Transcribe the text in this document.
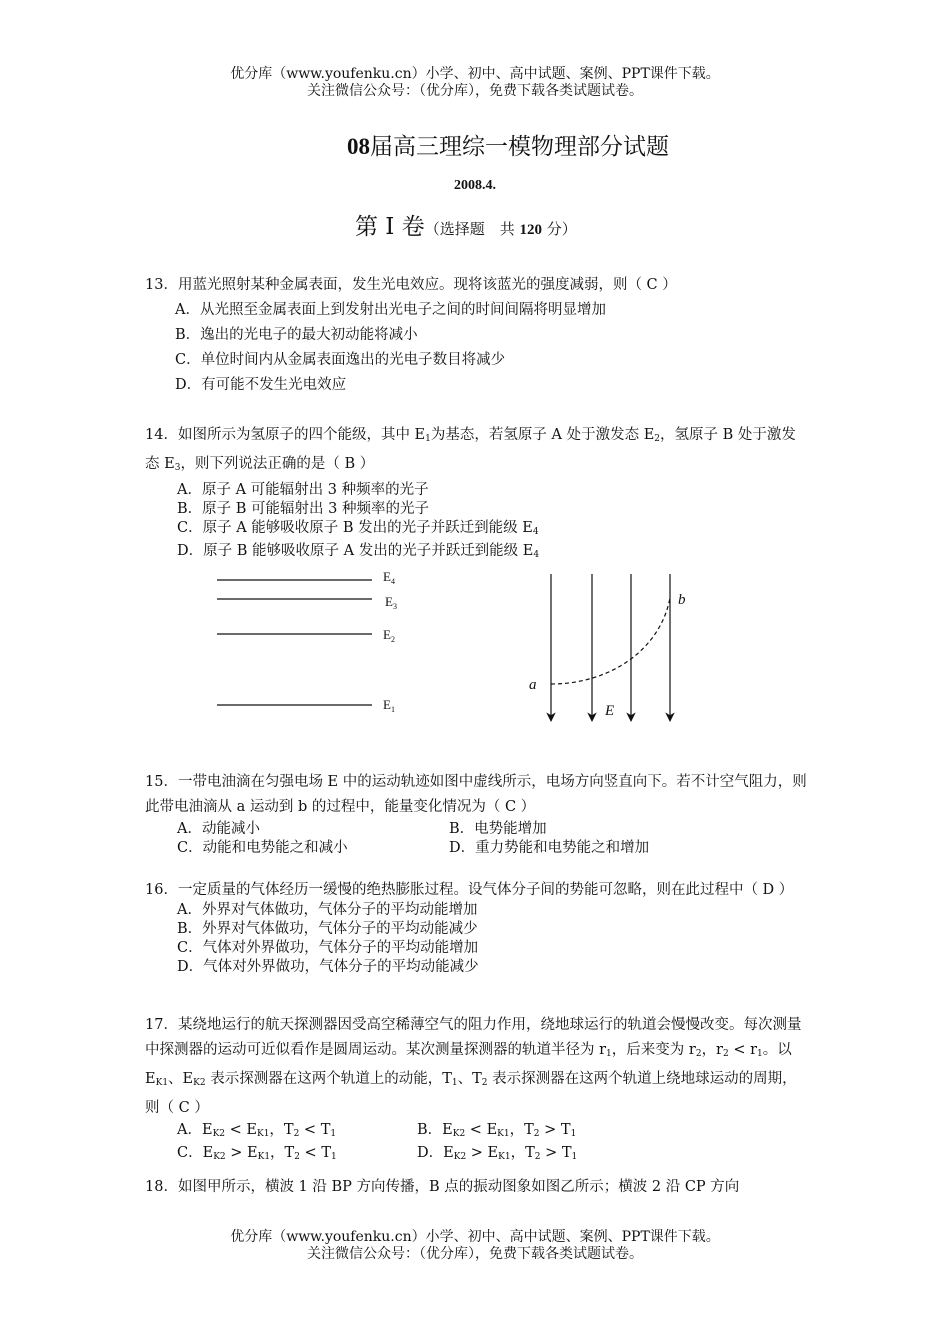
优分库（www.youfenku.cn）小学、初中、高中试题、案例、PPT课件下载。
关注微信公众号：（优分库），免费下载各类试题试卷。
08届高三理综一模物理部分试题
2008.4.
第 I 卷（选择题　共 120 分）
13．用蓝光照射某种金属表面，发生光电效应。现将该蓝光的强度减弱，则（ C ）
A．从光照至金属表面上到发射出光电子之间的时间间隔将明显增加
B．逸出的光电子的最大初动能将减小
C．单位时间内从金属表面逸出的光电子数目将减少
D．有可能不发生光电效应
14．如图所示为氢原子的四个能级，其中 $E_1$为基态，若氢原子 A 处于激发态 $E_2$，氢原子 B 处于激发态 $E_3$，则下列说法正确的是（ B ）
A．原子 A 可能辐射出 3 种频率的光子
B．原子 B 可能辐射出 3 种频率的光子
C．原子 A 能够吸收原子 B 发出的光子并跃迁到能级 $E_4$
D．原子 B 能够吸收原子 A 发出的光子并跃迁到能级 $E_4$
$E_4$
$E_3$
$E_2$
$E_1$
a
b
E
15．一带电油滴在匀强电场 E 中的运动轨迹如图中虚线所示，电场方向竖直向下。若不计空气阻力，则此带电油滴从 a 运动到 b 的过程中，能量变化情况为（ C ）
A．动能减小	B．电势能增加
C．动能和电势能之和减小	D．重力势能和电势能之和增加
16．一定质量的气体经历一缓慢的绝热膨胀过程。设气体分子间的势能可忽略，则在此过程中（ D ）
A．外界对气体做功，气体分子的平均动能增加
B．外界对气体做功，气体分子的平均动能减少
C．气体对外界做功，气体分子的平均动能增加
D．气体对外界做功，气体分子的平均动能减少
17．某绕地运行的航天探测器因受高空稀薄空气的阻力作用，绕地球运行的轨道会慢慢改变。每次测量中探测器的运动可近似看作是圆周运动。某次测量探测器的轨道半径为 $r_1$，后来变为 $r_2$，$r_2 < r_1$。以 $E_{K1}$、$E_{K2}$ 表示探测器在这两个轨道上的动能，$T_1$、$T_2$ 表示探测器在这两个轨道上绕地球运动的周期，则（ C ）
A．$E_{K2} < E_{K1}$，$T_2 < T_1$	B．$E_{K2} < E_{K1}$，$T_2 > T_1$
C．$E_{K2} > E_{K1}$，$T_2 < T_1$	D．$E_{K2} > E_{K1}$，$T_2 > T_1$
18．如图甲所示，横波 1 沿 BP 方向传播，B 点的振动图象如图乙所示；横波 2 沿 CP 方向
优分库（www.youfenku.cn）小学、初中、高中试题、案例、PPT课件下载。
关注微信公众号：（优分库），免费下载各类试题试卷。
